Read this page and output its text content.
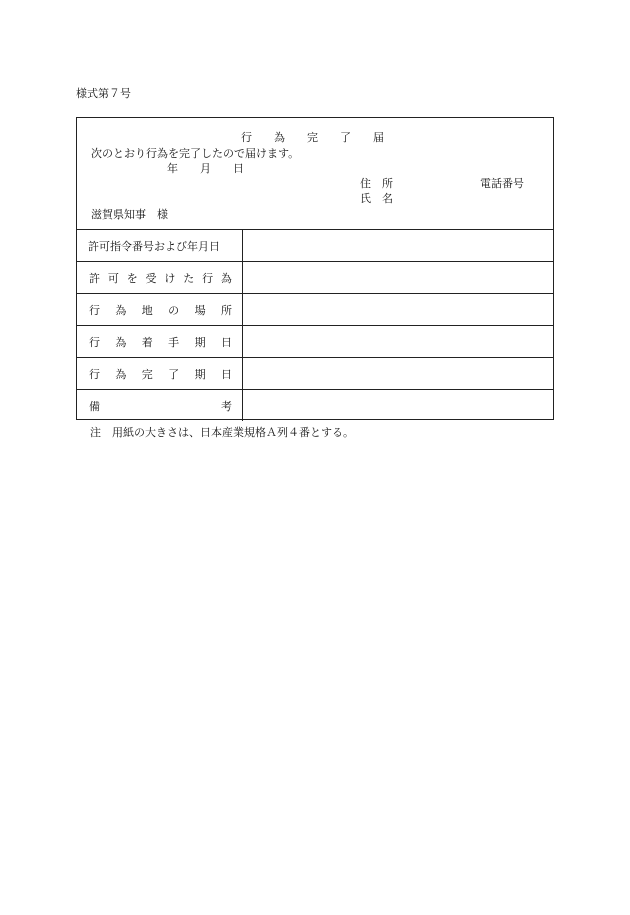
様式第７号
行　　為　　完　　了　　届
次のとおり行為を完了したので届けます。
年　　月　　日
住　所	電話番号
氏　名
滋賀県知事　様
許可指令番号および年月日
許 可 を 受 け た 行 為
行 為 地 の 場 所
行 為 着 手 期 日
行 為 完 了 期 日
備	考
注　用紙の大きさは、日本産業規格Ａ列４番とする。
